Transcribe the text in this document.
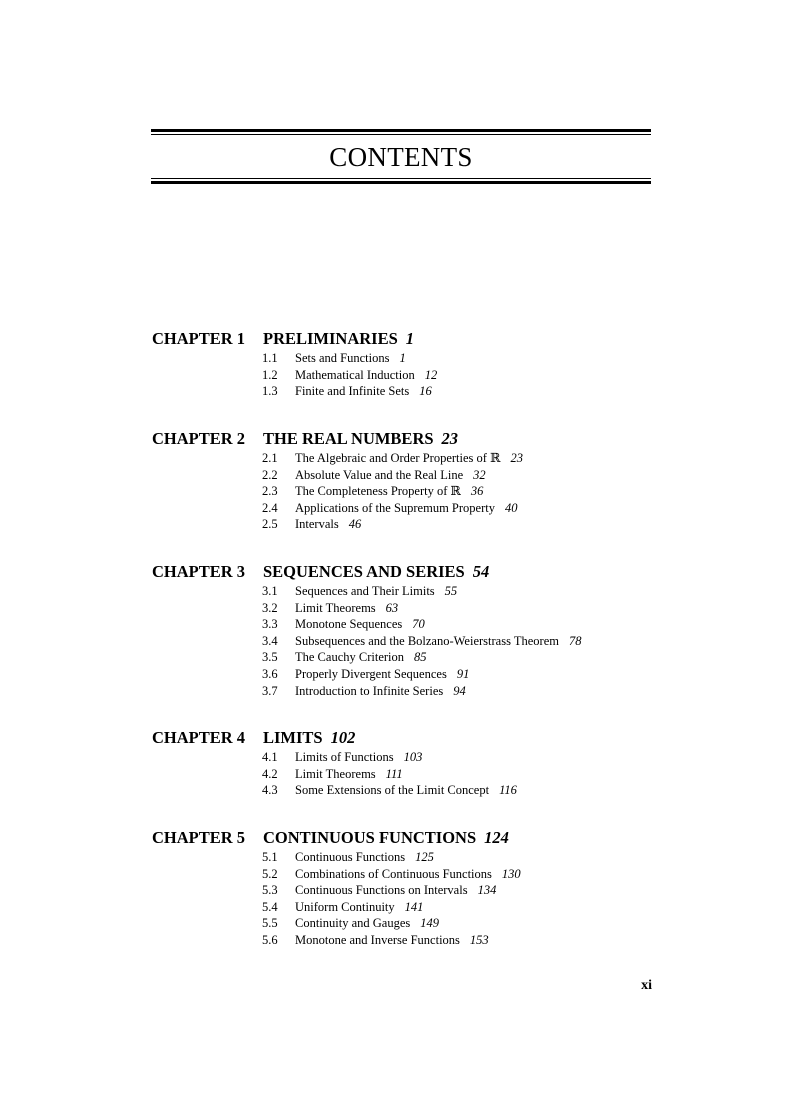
CONTENTS
CHAPTER 1	PRELIMINARIES 1
1.1	Sets and Functions 1
1.2	Mathematical Induction 12
1.3	Finite and Infinite Sets 16
CHAPTER 2	THE REAL NUMBERS 23
2.1	The Algebraic and Order Properties of ℝ 23
2.2	Absolute Value and the Real Line 32
2.3	The Completeness Property of ℝ 36
2.4	Applications of the Supremum Property 40
2.5	Intervals 46
CHAPTER 3	SEQUENCES AND SERIES 54
3.1	Sequences and Their Limits 55
3.2	Limit Theorems 63
3.3	Monotone Sequences 70
3.4	Subsequences and the Bolzano-Weierstrass Theorem 78
3.5	The Cauchy Criterion 85
3.6	Properly Divergent Sequences 91
3.7	Introduction to Infinite Series 94
CHAPTER 4	LIMITS 102
4.1	Limits of Functions 103
4.2	Limit Theorems 111
4.3	Some Extensions of the Limit Concept 116
CHAPTER 5	CONTINUOUS FUNCTIONS 124
5.1	Continuous Functions 125
5.2	Combinations of Continuous Functions 130
5.3	Continuous Functions on Intervals 134
5.4	Uniform Continuity 141
5.5	Continuity and Gauges 149
5.6	Monotone and Inverse Functions 153
xi
